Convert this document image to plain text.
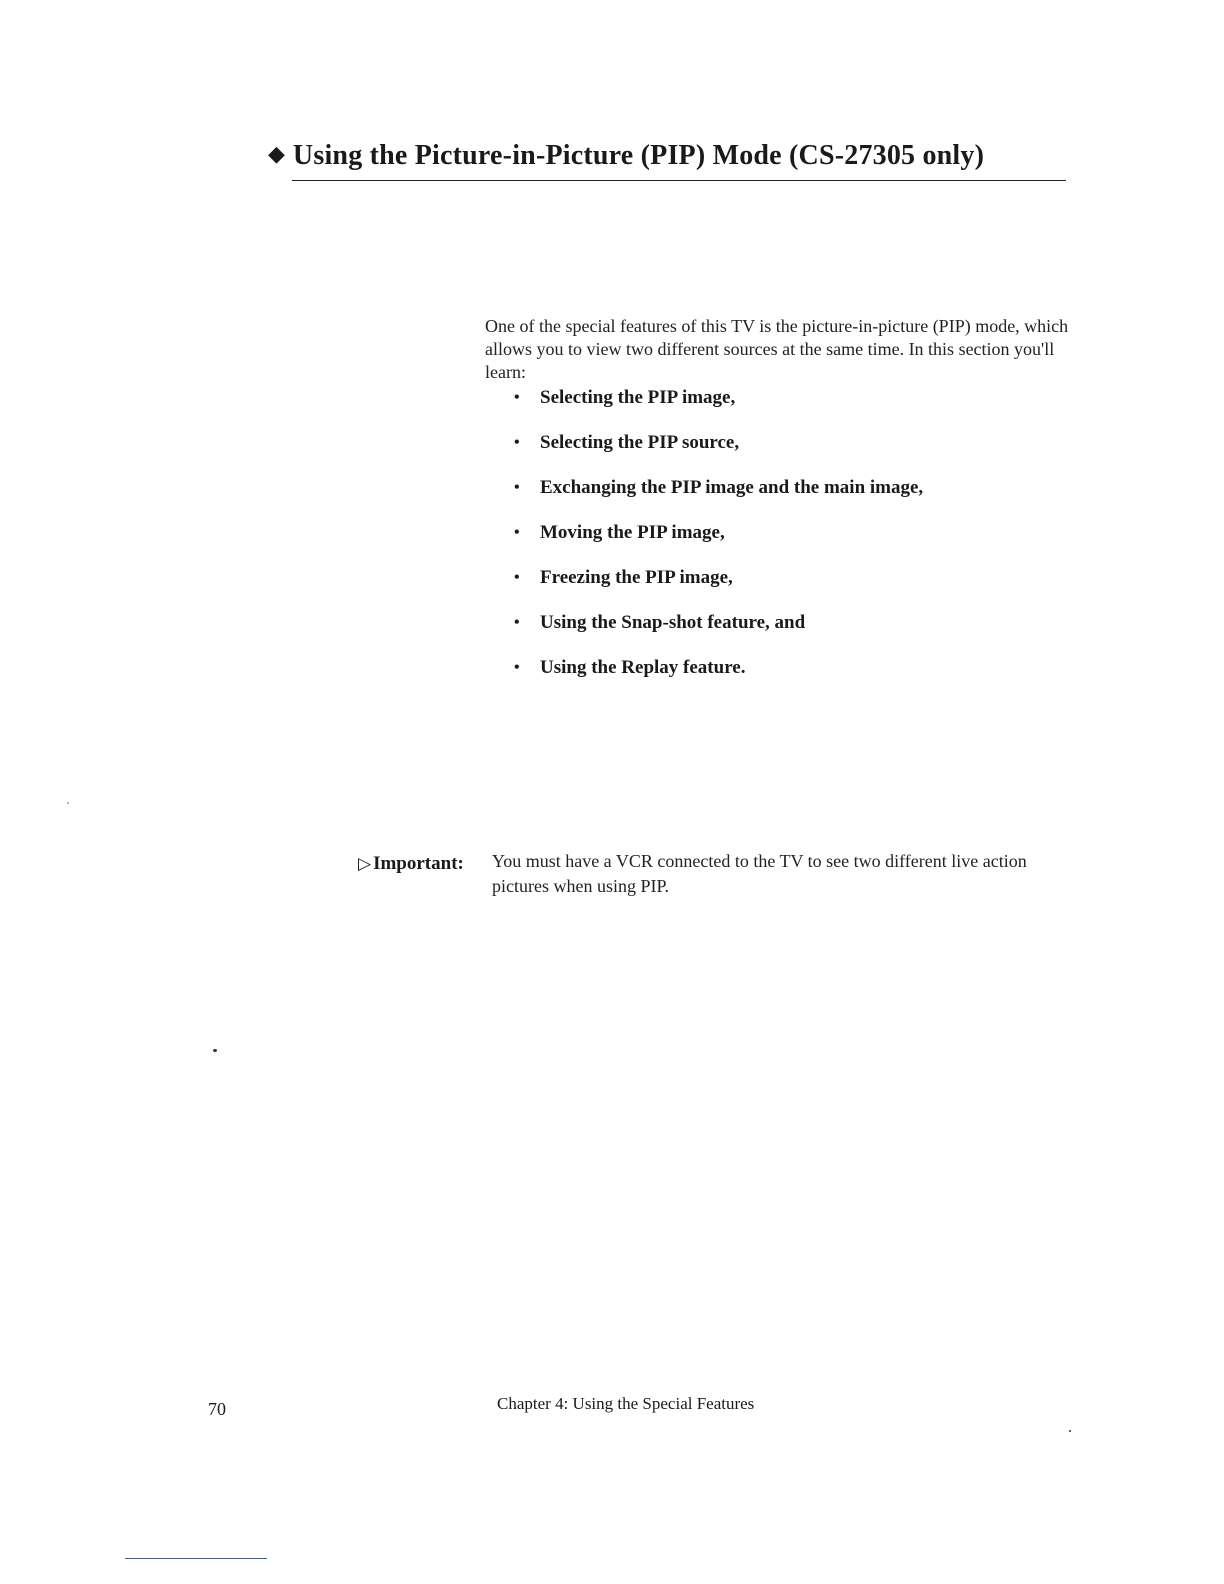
◆ Using the Picture-in-Picture (PIP) Mode (CS-27305 only)

One of the special features of this TV is the picture-in-picture (PIP) mode, which allows you to view two different sources at the same time. In this section you'll learn:

• Selecting the PIP image,
• Selecting the PIP source,
• Exchanging the PIP image and the main image,
• Moving the PIP image,
• Freezing the PIP image,
• Using the Snap-shot feature, and
• Using the Replay feature.
▷ Important: You must have a VCR connected to the TV to see two different live action pictures when using PIP.

70	Chapter 4: Using the Special Features
